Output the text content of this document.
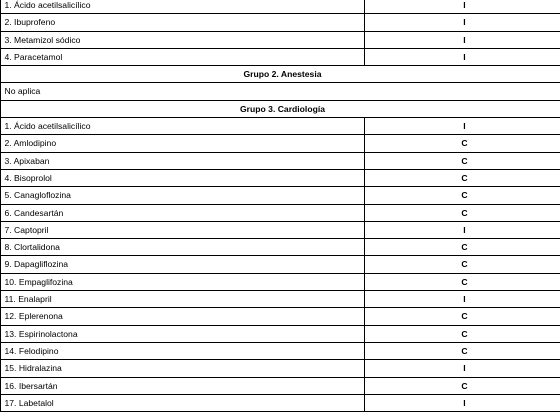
1. Ácido acetilsalicílico	I
2. Ibuprofeno	I
3. Metamizol sódico	I
4. Paracetamol	I
Grupo 2. Anestesia	
No aplica	
Grupo 3. Cardiología	
1. Ácido acetilsalicílico	I
2. Amlodipino	C
3. Apixaban	C
4. Bisoprolol	C
5. Canagloflozina	C
6. Candesartán	C
7. Captopril	I
8. Clortalidona	C
9. Dapagliflozina	C
10. Empaglifozina	C
11. Enalapril	I
12. Eplerenona	C
13. Espirinolactona	C
14. Felodipino	C
15. Hidralazina	I
16. Ibersartán	C
17. Labetalol	I
